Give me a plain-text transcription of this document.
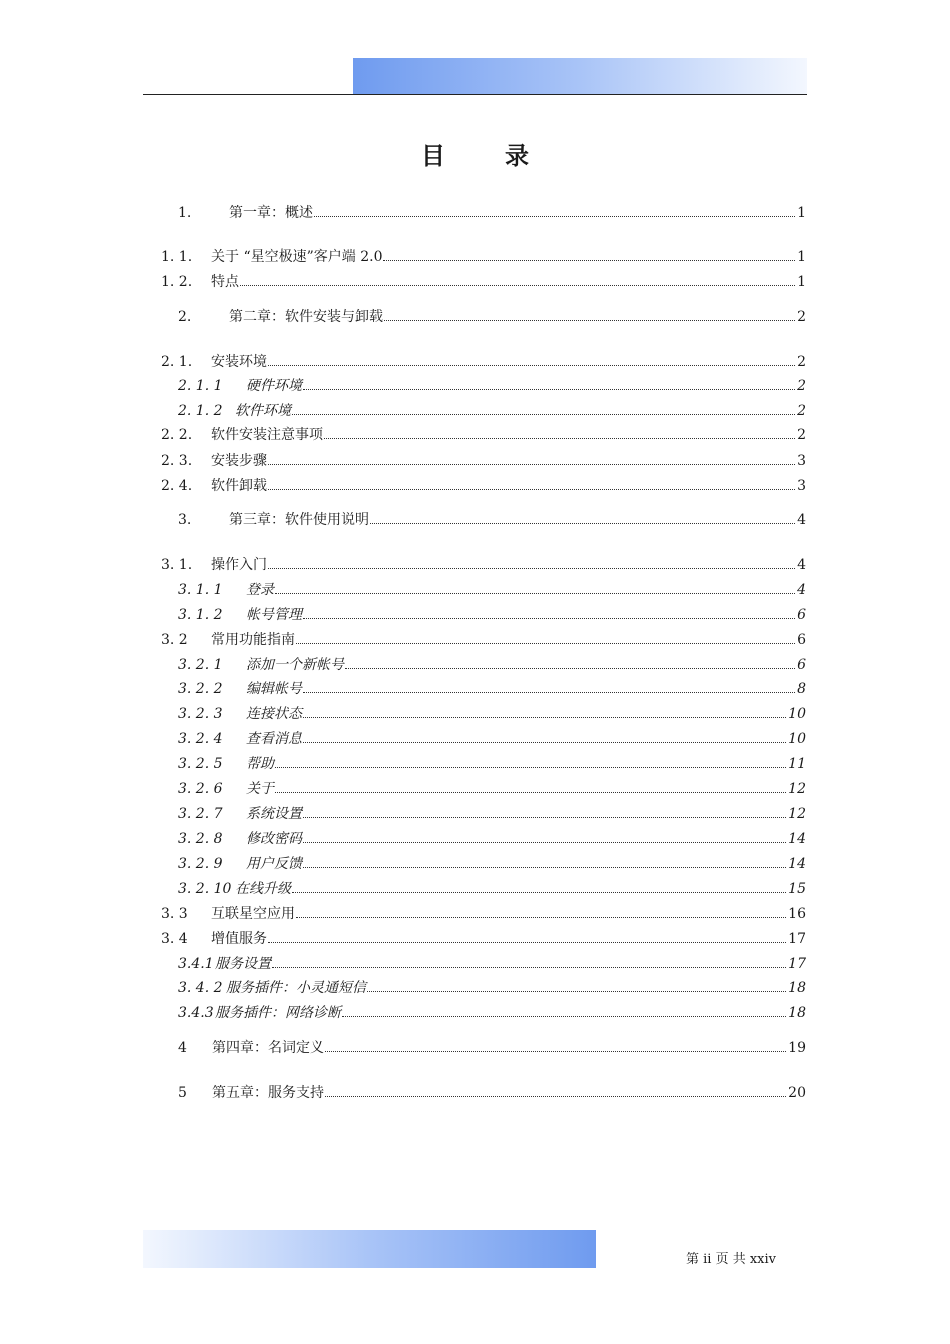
目　录
1.	第一章：概述	1
1. 1.	关于 “星空极速”客户端 2.0	1
1. 2.	特点	1
2.	第二章：软件安装与卸载	2
2. 1.	安装环境	2
2. 1. 1	硬件环境	2
2. 1. 2 软件环境	2
2. 2.	软件安装注意事项	2
2. 3.	安装步骤	3
2. 4.	软件卸载	3
3.	第三章：软件使用说明	4
3. 1.	操作入门	4
3. 1. 1	登录	4
3. 1. 2	帐号管理	6
3. 2	常用功能指南	6
3. 2. 1	添加一个新帐号	6
3. 2. 2	编辑帐号	8
3. 2. 3	连接状态	10
3. 2. 4	查看消息	10
3. 2. 5	帮助	11
3. 2. 6	关于	12
3. 2. 7	系统设置	12
3. 2. 8	修改密码	14
3. 2. 9	用户反馈	14
3. 2. 10 在线升级	15
3. 3	互联星空应用	16
3. 4	增值服务	17
3.4.1 服务设置	17
3. 4. 2 服务插件：小灵通短信	18
3.4.3 服务插件：网络诊断	18
4	第四章：名词定义	19
5	第五章：服务支持	20
第 ii 页 共 xxiv
